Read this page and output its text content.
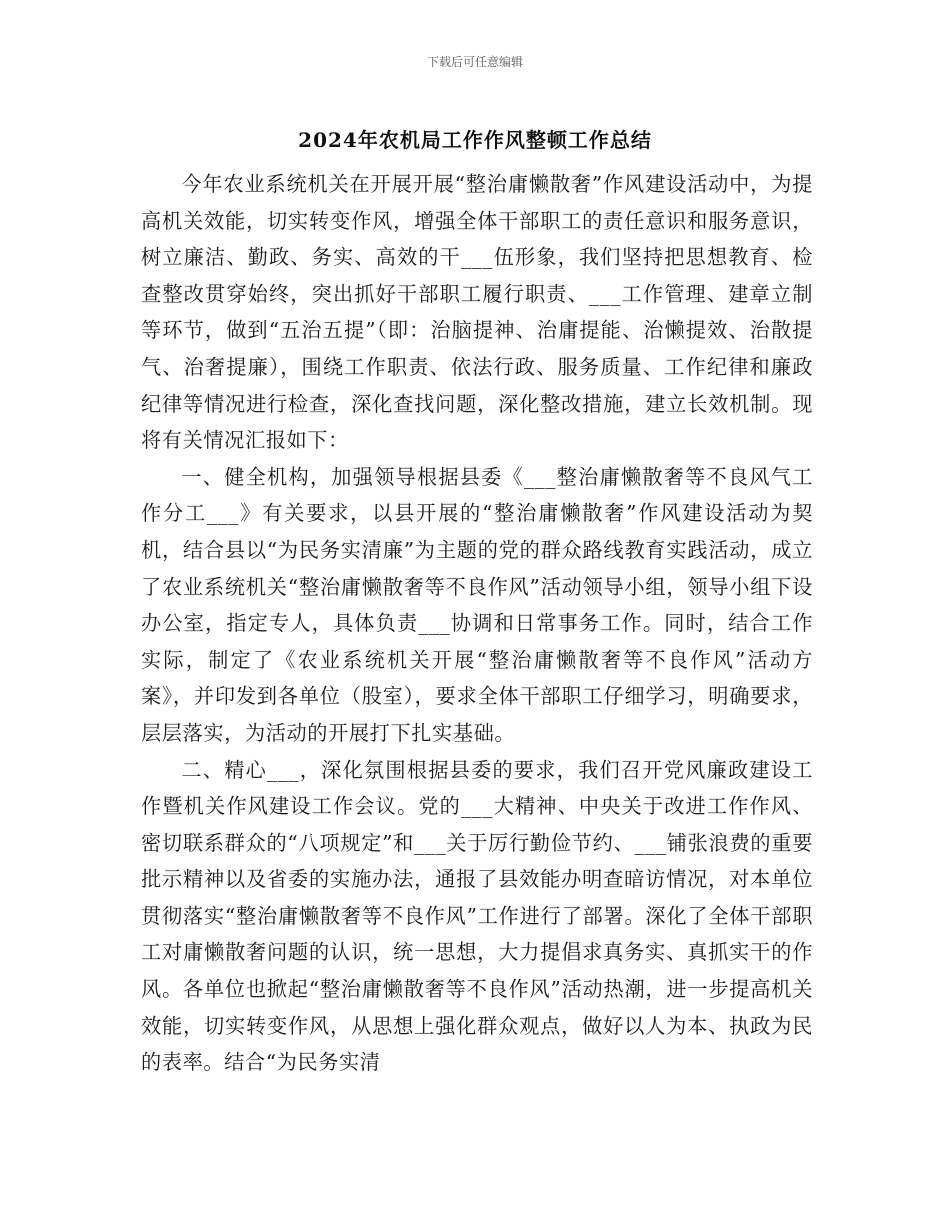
下载后可任意编辑
2024年农机局工作作风整顿工作总结

今年农业系统机关在开展开展“整治庸懒散奢”作风建设活动中，为提高机关效能，切实转变作风，增强全体干部职工的责任意识和服务意识，树立廉洁、勤政、务实、高效的干___伍形象，我们坚持把思想教育、检查整改贯穿始终，突出抓好干部职工履行职责、___工作管理、建章立制等环节，做到“五治五提”（即：治脑提神、治庸提能、治懒提效、治散提气、治奢提廉），围绕工作职责、依法行政、服务质量、工作纪律和廉政纪律等情况进行检查，深化查找问题，深化整改措施，建立长效机制。现将有关情况汇报如下：

一、健全机构，加强领导根据县委《___整治庸懒散奢等不良风气工作分工___》有关要求，以县开展的“整治庸懒散奢”作风建设活动为契机，结合县以“为民务实清廉”为主题的党的群众路线教育实践活动，成立了农业系统机关“整治庸懒散奢等不良作风”活动领导小组，领导小组下设办公室，指定专人，具体负责___协调和日常事务工作。同时，结合工作实际，制定了《农业系统机关开展“整治庸懒散奢等不良作风”活动方案》，并印发到各单位（股室），要求全体干部职工仔细学习，明确要求，层层落实，为活动的开展打下扎实基础。

二、精心___，深化氛围根据县委的要求，我们召开党风廉政建设工作暨机关作风建设工作会议。党的___大精神、中央关于改进工作作风、密切联系群众的“八项规定”和___关于厉行勤俭节约、___铺张浪费的重要批示精神以及省委的实施办法，通报了县效能办明查暗访情况，对本单位贯彻落实“整治庸懒散奢等不良作风”工作进行了部署。深化了全体干部职工对庸懒散奢问题的认识，统一思想，大力提倡求真务实、真抓实干的作风。各单位也掀起“整治庸懒散奢等不良作风”活动热潮，进一步提高机关效能，切实转变作风，从思想上强化群众观点，做好以人为本、执政为民的表率。结合“为民务实清
